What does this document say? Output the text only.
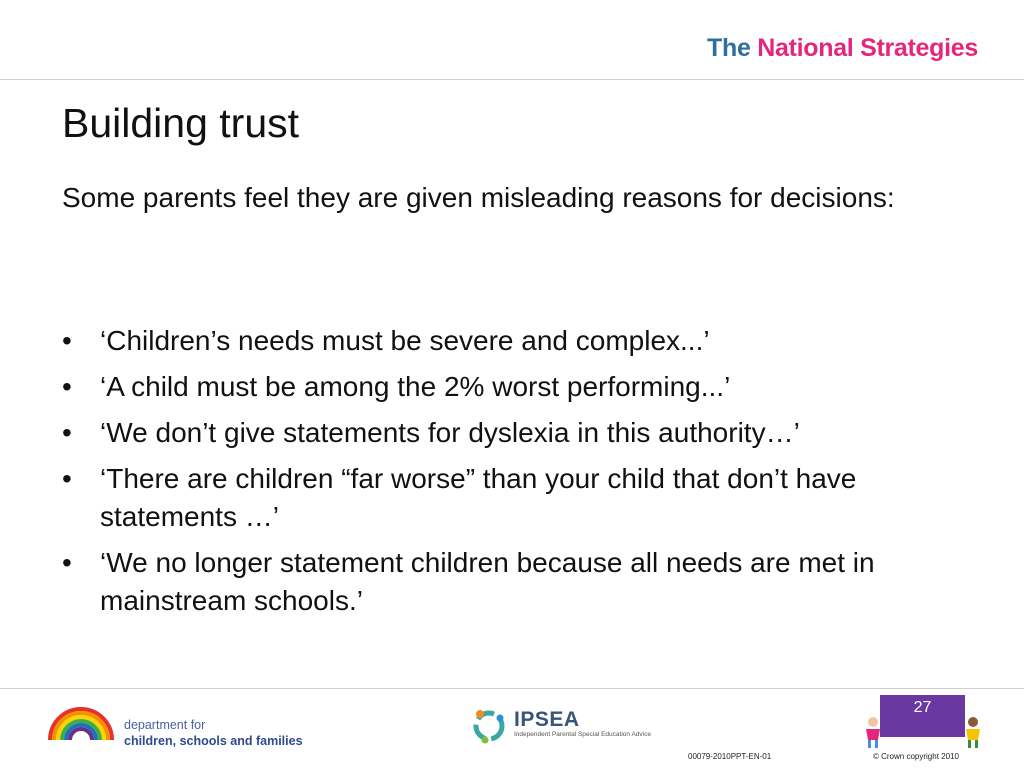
The National Strategies
Building trust

Some parents feel they are given misleading reasons for decisions:

• ‘Children’s needs must be severe and complex...’
• ‘A child must be among the 2% worst performing...’
• ‘We don’t give statements for dyslexia in this authority…’
• ‘There are children “far worse” than your child that don’t have statements …’
• ‘We no longer statement children because all needs are met in mainstream schools.’
department for
children, schools and families
IPSEA
Independent Parental Special Education Advice
27
00079-2010PPT-EN-01	© Crown copyright 2010
